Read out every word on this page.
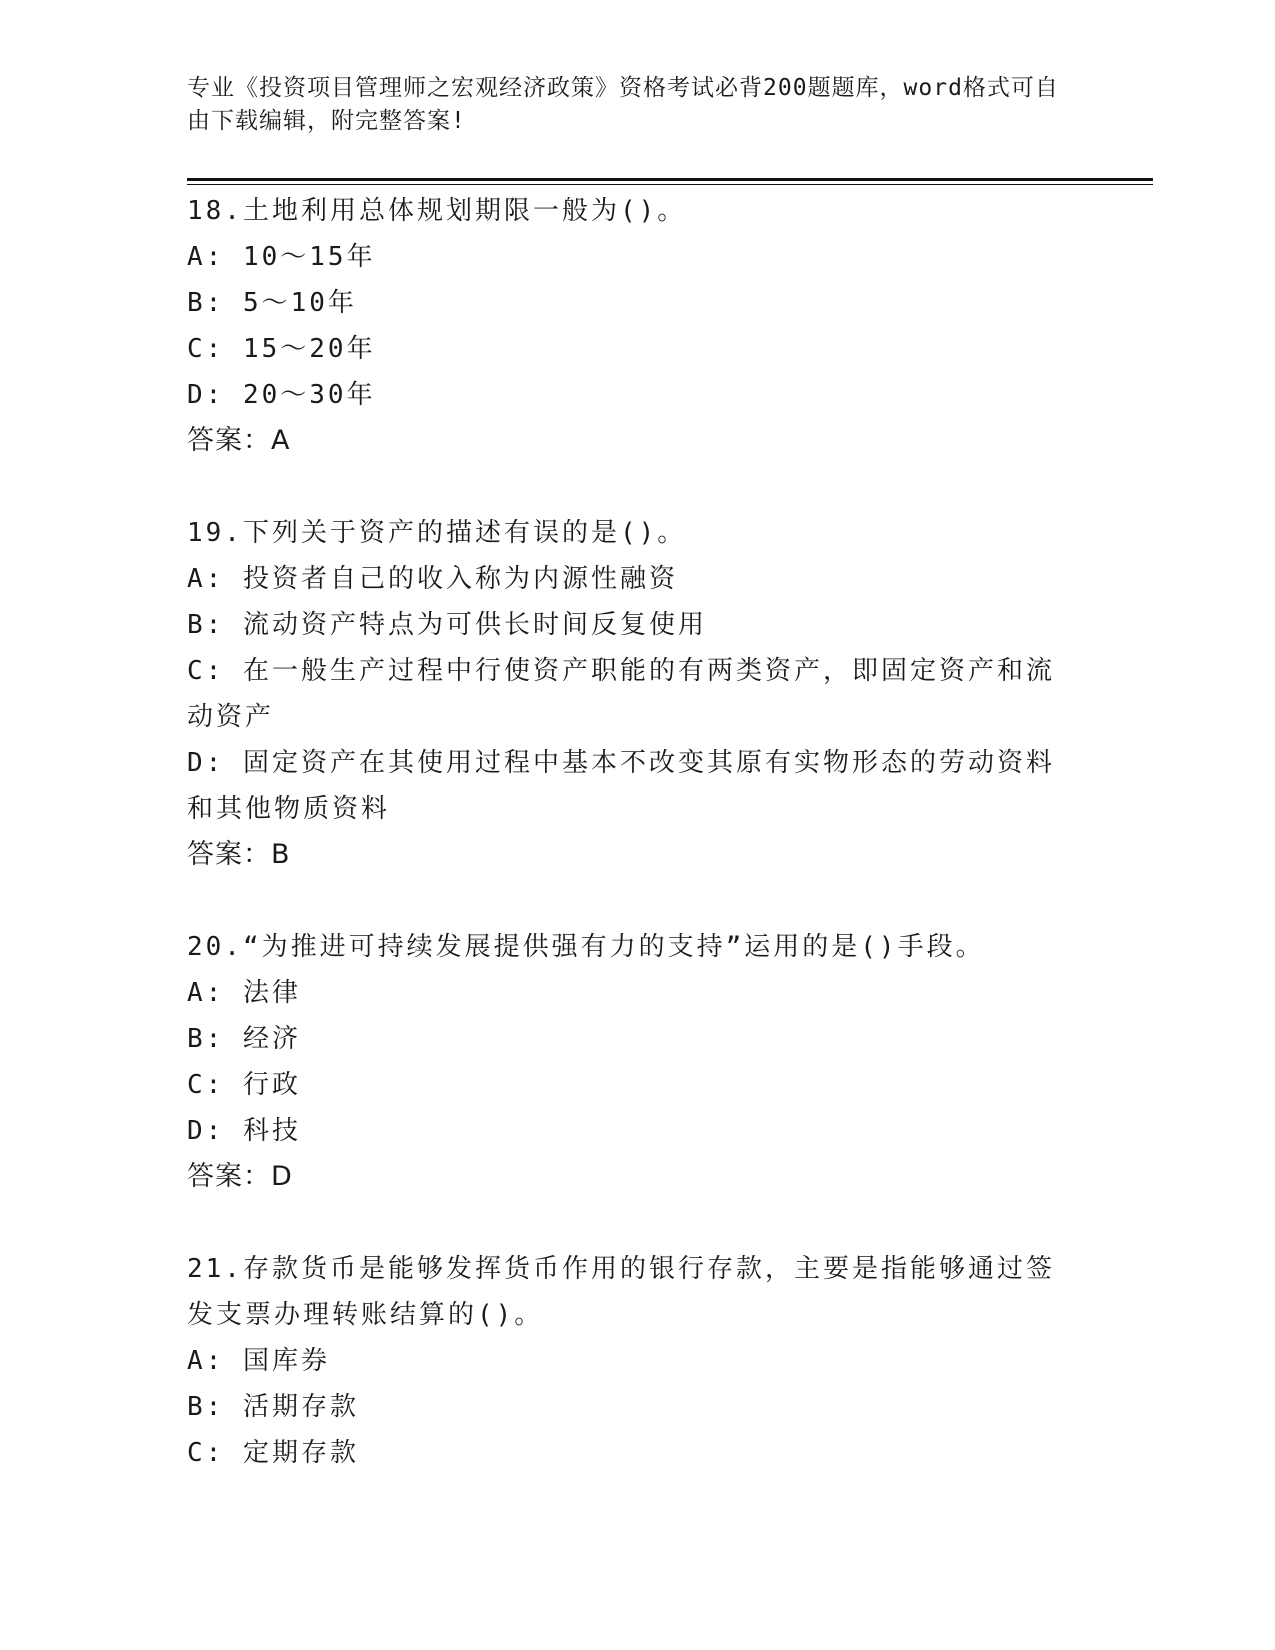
专业《投资项目管理师之宏观经济政策》资格考试必背200题题库，word格式可自由下载编辑，附完整答案!
18.土地利用总体规划期限一般为()。
A: 10～15年
B: 5～10年
C: 15～20年
D: 20～30年
答案：A
19.下列关于资产的描述有误的是()。
A: 投资者自己的收入称为内源性融资
B: 流动资产特点为可供长时间反复使用
C: 在一般生产过程中行使资产职能的有两类资产，即固定资产和流动资产
D: 固定资产在其使用过程中基本不改变其原有实物形态的劳动资料和其他物质资料
答案：B
20.“为推进可持续发展提供强有力的支持”运用的是()手段。
A: 法律
B: 经济
C: 行政
D: 科技
答案：D
21.存款货币是能够发挥货币作用的银行存款，主要是指能够通过签发支票办理转账结算的()。
A: 国库券
B: 活期存款
C: 定期存款
